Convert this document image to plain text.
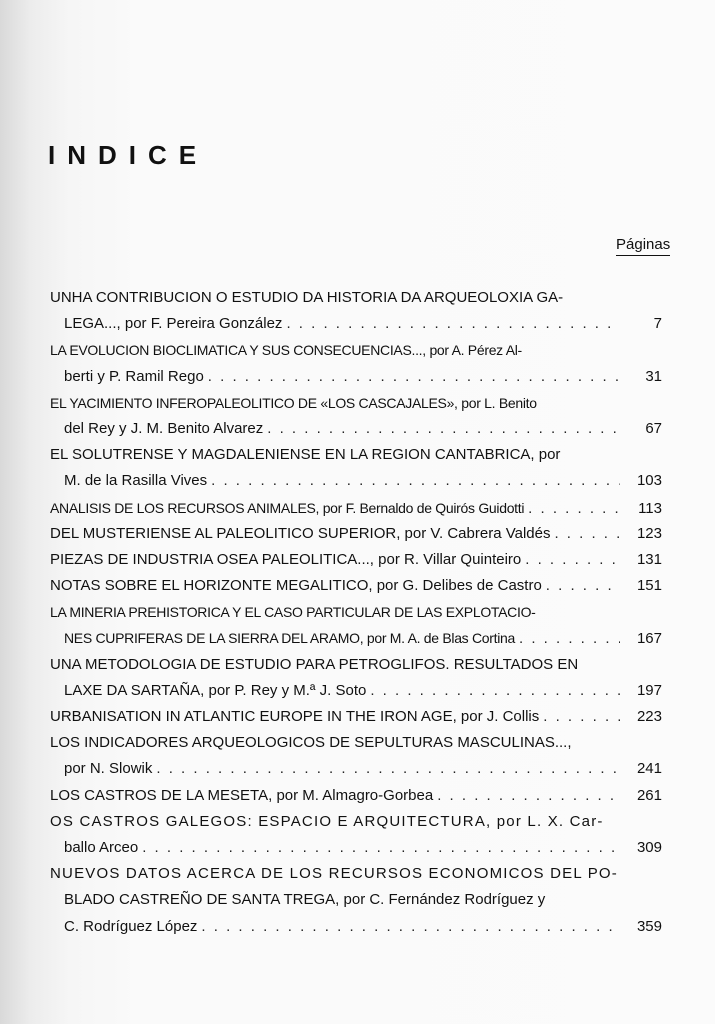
INDICE
Páginas
UNHA CONTRIBUCION O ESTUDIO DA HISTORIA DA ARQUEOLOXIA GA-
LEGA..., por F. Pereira González . . .	7
LA EVOLUCION BIOCLIMATICA Y SUS CONSECUENCIAS..., por A. Pérez Al-
berti y P. Ramil Rego . . .	31
EL YACIMIENTO INFEROPALEOLITICO DE «LOS CASCAJALES», por L. Benito
del Rey y J. M. Benito Alvarez . . .	67
EL SOLUTRENSE Y MAGDALENIENSE EN LA REGION CANTABRICA, por
M. de la Rasilla Vives . . .	103
ANALISIS DE LOS RECURSOS ANIMALES, por F. Bernaldo de Quirós Guidotti . . .	113
DEL MUSTERIENSE AL PALEOLITICO SUPERIOR, por V. Cabrera Valdés . . .	123
PIEZAS DE INDUSTRIA OSEA PALEOLITICA..., por R. Villar Quinteiro . . .	131
NOTAS SOBRE EL HORIZONTE MEGALITICO, por G. Delibes de Castro . . .	151
LA MINERIA PREHISTORICA Y EL CASO PARTICULAR DE LAS EXPLOTACIO-
NES CUPRIFERAS DE LA SIERRA DEL ARAMO, por M. A. de Blas Cortina . . .	167
UNA METODOLOGIA DE ESTUDIO PARA PETROGLIFOS. RESULTADOS EN
LAXE DA SARTAÑA, por P. Rey y M.ª J. Soto . . .	197
URBANISATION IN ATLANTIC EUROPE IN THE IRON AGE, por J. Collis . . .	223
LOS INDICADORES ARQUEOLOGICOS DE SEPULTURAS MASCULINAS...,
por N. Slowik . . .	241
LOS CASTROS DE LA MESETA, por M. Almagro-Gorbea . . .	261
OS CASTROS GALEGOS: ESPACIO E ARQUITECTURA, por L. X. Car-
ballo Arceo . . .	309
NUEVOS DATOS ACERCA DE LOS RECURSOS ECONOMICOS DEL PO-
BLADO CASTREÑO DE SANTA TREGA, por C. Fernández Rodríguez y
C. Rodríguez López . . .	359
